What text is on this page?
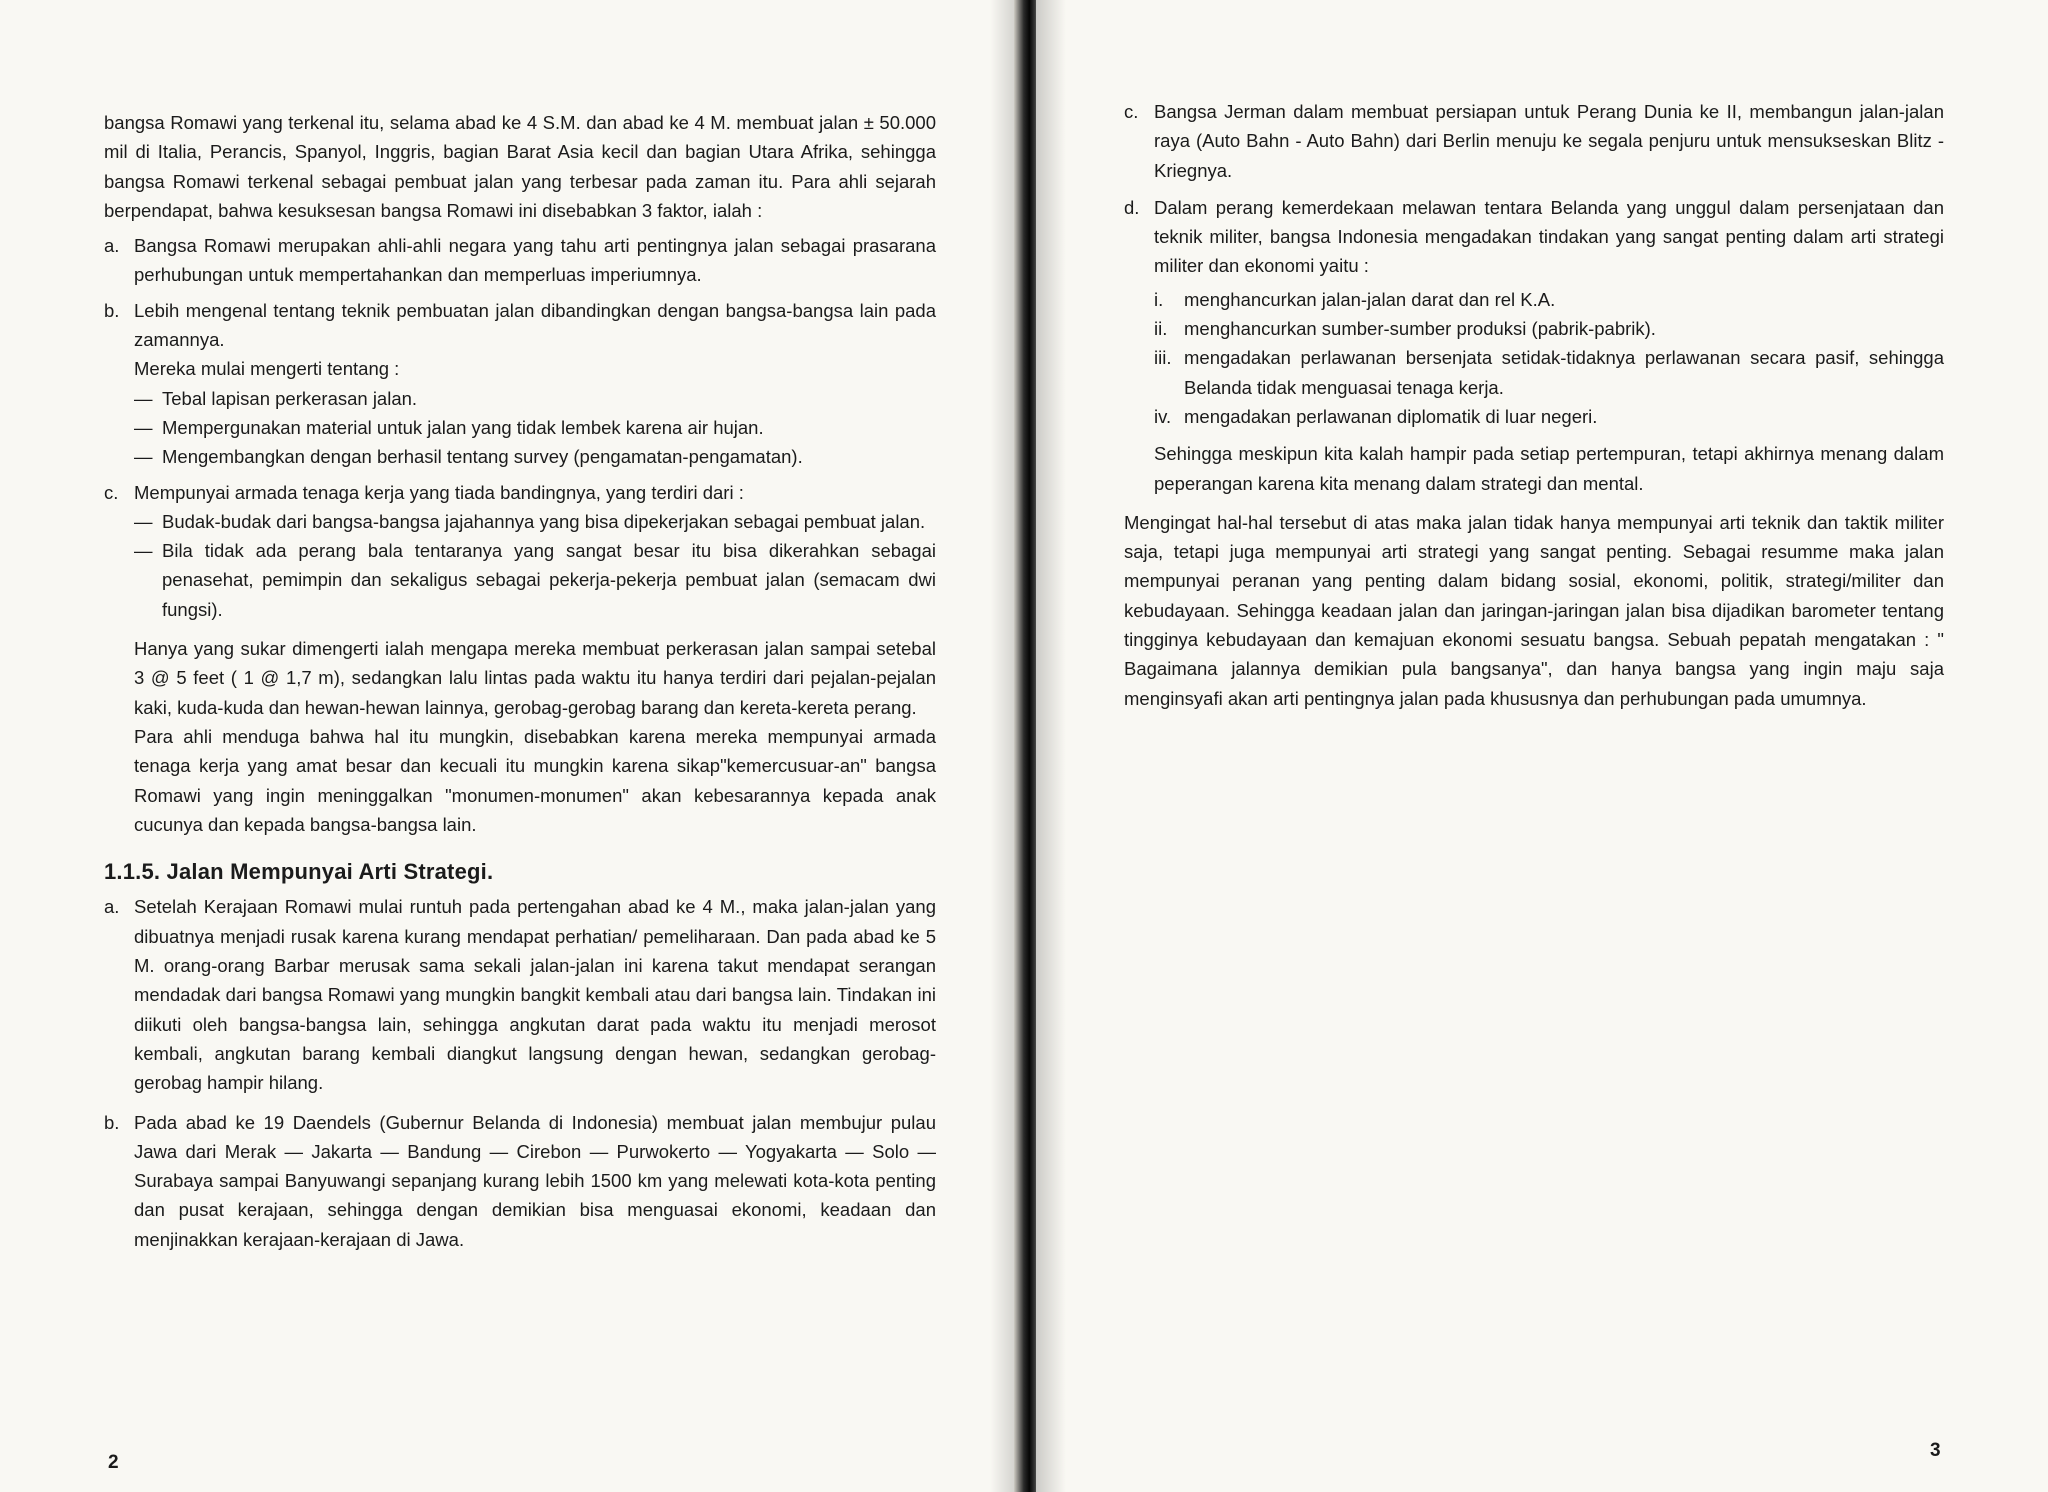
bangsa Romawi yang terkenal itu, selama abad ke 4 S.M. dan abad ke 4 M. membuat jalan ± 50.000 mil di Italia, Perancis, Spanyol, Inggris, bagian Barat Asia kecil dan bagian Utara Afrika, sehingga bangsa Romawi terkenal sebagai pembuat jalan yang terbesar pada zaman itu. Para ahli sejarah berpendapat, bahwa kesuksesan bangsa Romawi ini disebabkan 3 faktor, ialah :

a. Bangsa Romawi merupakan ahli-ahli negara yang tahu arti pentingnya jalan sebagai prasarana perhubungan untuk mempertahankan dan memperluas imperiumnya.
b. Lebih mengenal tentang teknik pembuatan jalan dibandingkan dengan bangsa-bangsa lain pada zamannya.
Mereka mulai mengerti tentang :
— Tebal lapisan perkerasan jalan.
— Mempergunakan material untuk jalan yang tidak lembek karena air hujan.
— Mengembangkan dengan berhasil tentang survey (pengamatan-pengamatan).
c. Mempunyai armada tenaga kerja yang tiada bandingnya, yang terdiri dari :
— Budak-budak dari bangsa-bangsa jajahannya yang bisa dipekerjakan sebagai pembuat jalan.
— Bila tidak ada perang bala tentaranya yang sangat besar itu bisa dikerahkan sebagai penasehat, pemimpin dan sekaligus sebagai pekerja-pekerja pembuat jalan (semacam dwi fungsi).
Hanya yang sukar dimengerti ialah mengapa mereka membuat perkerasan jalan sampai setebal 3 @ 5 feet ( 1 @ 1,7 m), sedangkan lalu lintas pada waktu itu hanya terdiri dari pejalan-pejalan kaki, kuda-kuda dan hewan-hewan lainnya, gerobag-gerobag barang dan kereta-kereta perang.
Para ahli menduga bahwa hal itu mungkin, disebabkan karena mereka mempunyai armada tenaga kerja yang amat besar dan kecuali itu mungkin karena sikap"kemercusuar-an" bangsa Romawi yang ingin meninggalkan "monumen-monumen" akan kebesarannya kepada anak cucunya dan kepada bangsa-bangsa lain.
1.1.5. Jalan Mempunyai Arti Strategi.
a. Setelah Kerajaan Romawi mulai runtuh pada pertengahan abad ke 4 M., maka jalan-jalan yang dibuatnya menjadi rusak karena kurang mendapat perhatian/ pemeliharaan. Dan pada abad ke 5 M. orang-orang Barbar merusak sama sekali jalan-jalan ini karena takut mendapat serangan mendadak dari bangsa Romawi yang mungkin bangkit kembali atau dari bangsa lain. Tindakan ini diikuti oleh bangsa-bangsa lain, sehingga angkutan darat pada waktu itu menjadi merosot kembali, angkutan barang kembali diangkut langsung dengan hewan, sedangkan gerobag-gerobag hampir hilang.
b. Pada abad ke 19 Daendels (Gubernur Belanda di Indonesia) membuat jalan membujur pulau Jawa dari Merak — Jakarta — Bandung — Cirebon — Purwokerto — Yogyakarta — Solo — Surabaya sampai Banyuwangi sepanjang kurang lebih 1500 km yang melewati kota-kota penting dan pusat kerajaan, sehingga dengan demikian bisa menguasai ekonomi, keadaan dan menjinakkan kerajaan-kerajaan di Jawa.
2
c. Bangsa Jerman dalam membuat persiapan untuk Perang Dunia ke II, membangun jalan-jalan raya (Auto Bahn - Auto Bahn) dari Berlin menuju ke segala penjuru untuk mensukseskan Blitz - Kriegnya.
d. Dalam perang kemerdekaan melawan tentara Belanda yang unggul dalam persenjataan dan teknik militer, bangsa Indonesia mengadakan tindakan yang sangat penting dalam arti strategi militer dan ekonomi yaitu :
i.	menghancurkan jalan-jalan darat dan rel K.A.
ii. menghancurkan sumber-sumber produksi (pabrik-pabrik).
iii. mengadakan perlawanan bersenjata setidak-tidaknya perlawanan secara pasif, sehingga Belanda tidak menguasai tenaga kerja.
iv. mengadakan perlawanan diplomatik di luar negeri.
Sehingga meskipun kita kalah hampir pada setiap pertempuran, tetapi akhirnya menang dalam peperangan karena kita menang dalam strategi dan mental.

Mengingat hal-hal tersebut di atas maka jalan tidak hanya mempunyai arti teknik dan taktik militer saja, tetapi juga mempunyai arti strategi yang sangat penting. Sebagai resumme maka jalan mempunyai peranan yang penting dalam bidang sosial, ekonomi, politik, strategi/militer dan kebudayaan. Sehingga keadaan jalan dan jaringan-jaringan jalan bisa dijadikan barometer tentang tingginya kebudayaan dan kemajuan ekonomi sesuatu bangsa. Sebuah pepatah mengatakan : " Bagaimana jalannya demikian pula bangsanya", dan hanya bangsa yang ingin maju saja menginsyafi akan arti pentingnya jalan pada khususnya dan perhubungan pada umumnya.

3
